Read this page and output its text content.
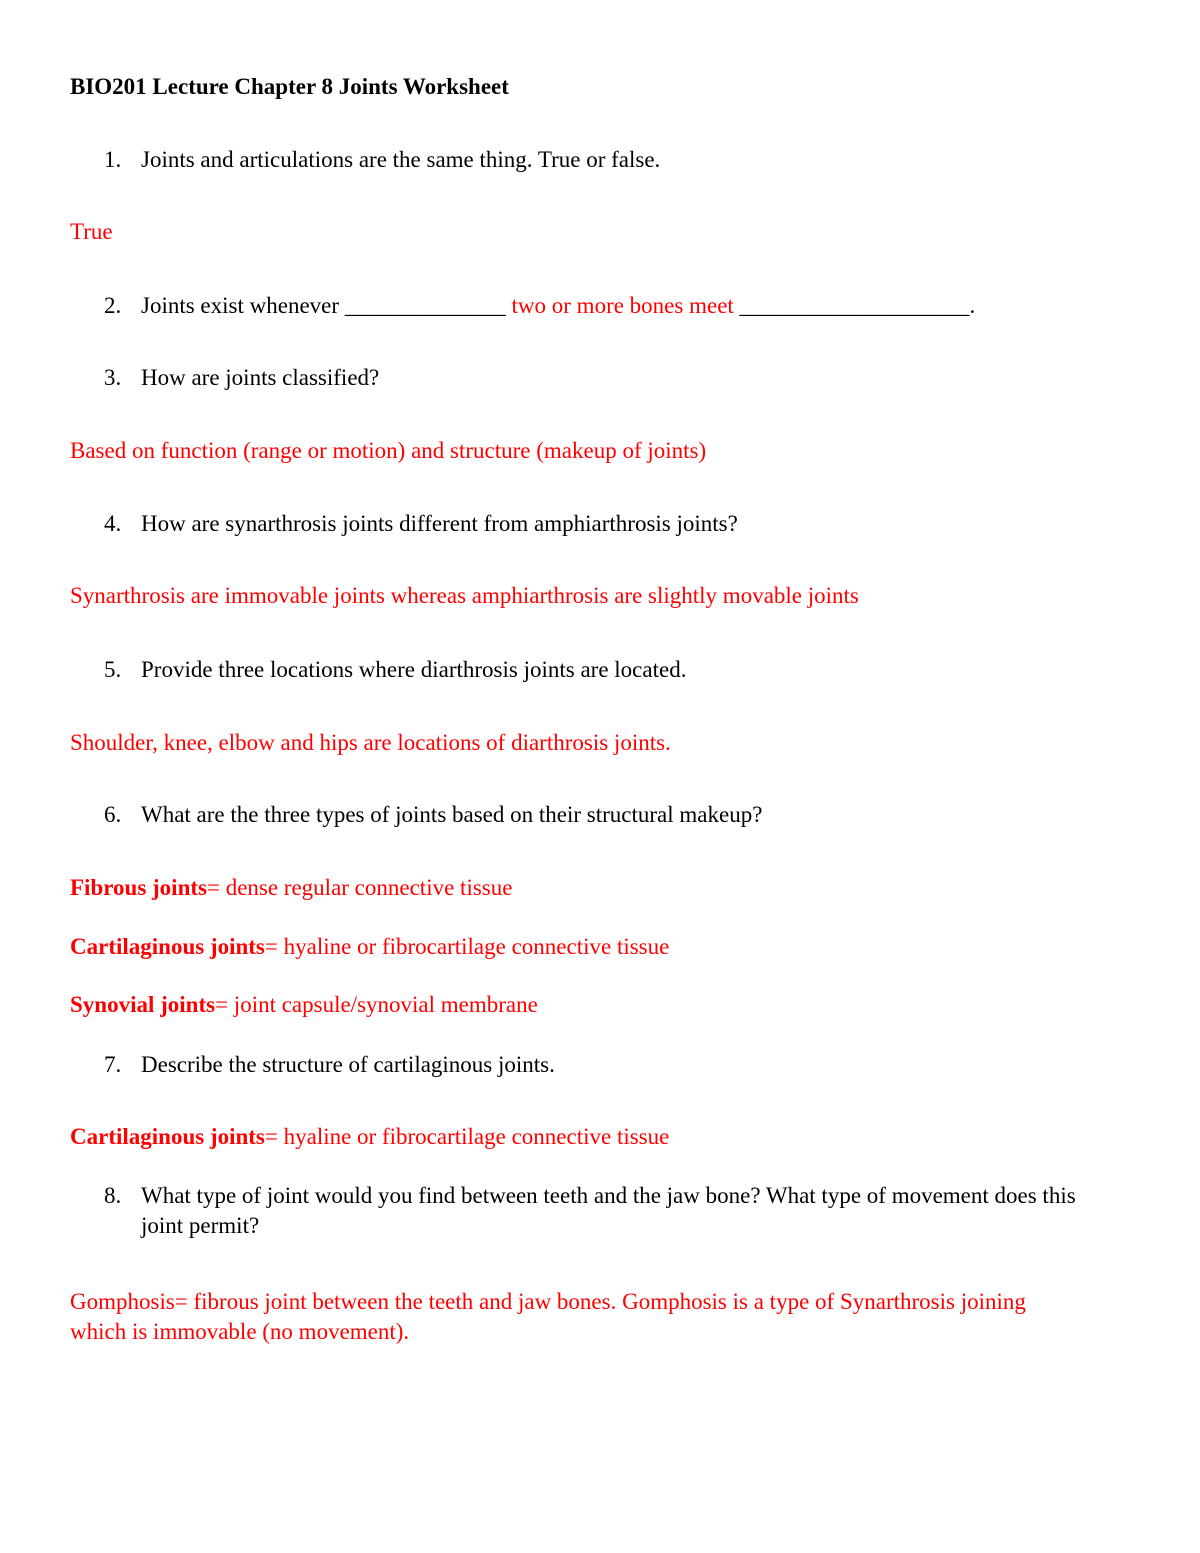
BIO201 Lecture Chapter 8 Joints Worksheet
1. Joints and articulations are the same thing. True or false.
True
2. Joints exist whenever ______________ two or more bones meet ____________________.
3. How are joints classified?
Based on function (range or motion) and structure (makeup of joints)
4. How are synarthrosis joints different from amphiarthrosis joints?
Synarthrosis are immovable joints whereas amphiarthrosis are slightly movable joints
5. Provide three locations where diarthrosis joints are located.
Shoulder, knee, elbow and hips are locations of diarthrosis joints.
6. What are the three types of joints based on their structural makeup?
Fibrous joints= dense regular connective tissue
Cartilaginous joints= hyaline or fibrocartilage connective tissue
Synovial joints= joint capsule/synovial membrane
7. Describe the structure of cartilaginous joints.
Cartilaginous joints= hyaline or fibrocartilage connective tissue
8. What type of joint would you find between teeth and the jaw bone? What type of movement does this joint permit?
Gomphosis= fibrous joint between the teeth and jaw bones. Gomphosis is a type of Synarthrosis joining which is immovable (no movement).
